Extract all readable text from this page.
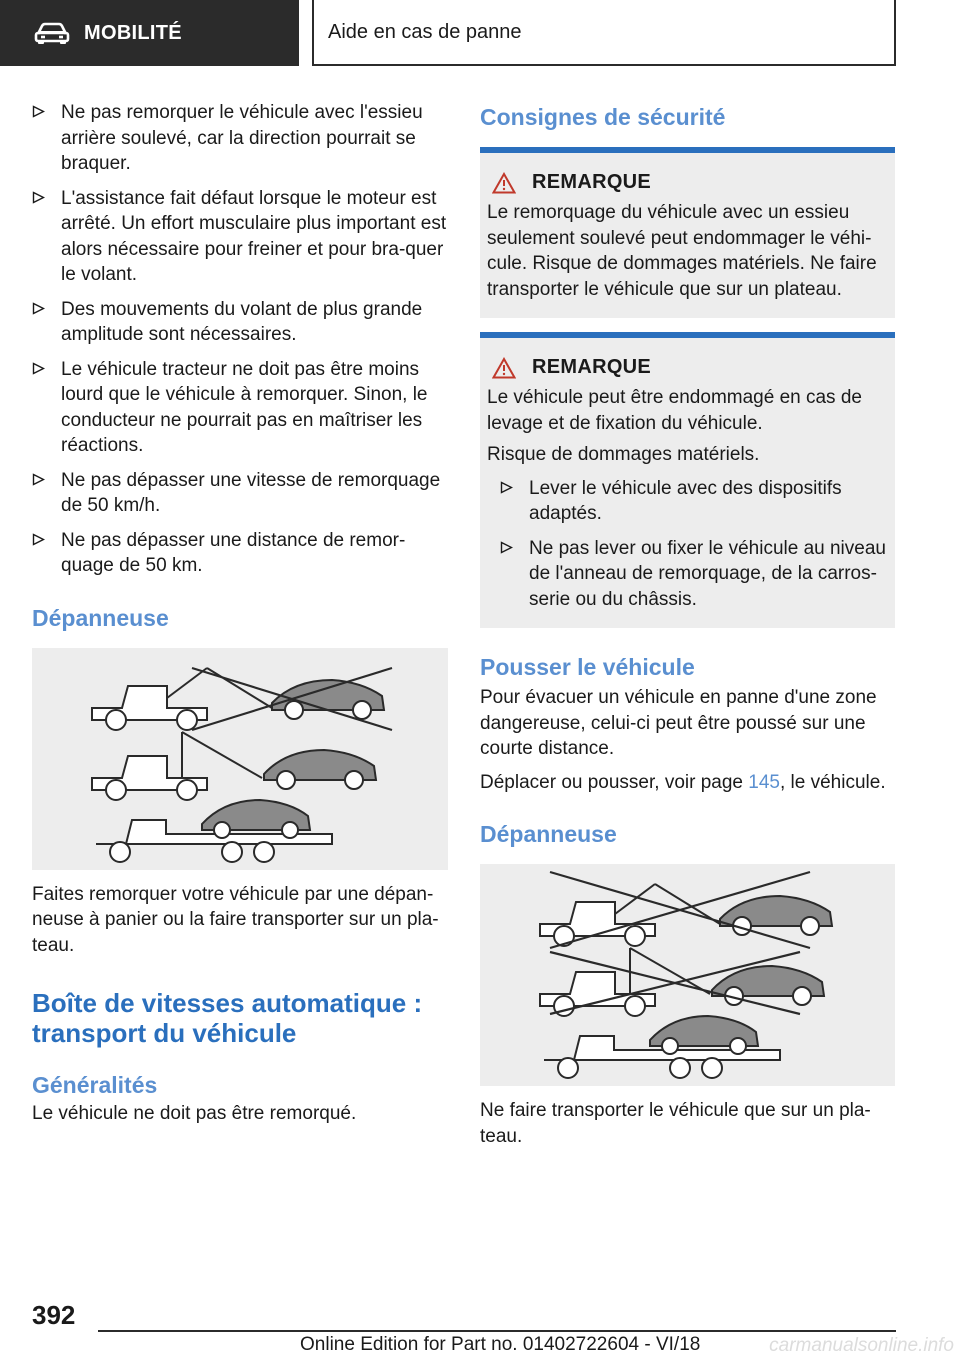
MOBILITÉ	Aide en cas de panne
Ne pas remorquer le véhicule avec l'essieu arrière soulevé, car la direction pourrait se braquer.
L'assistance fait défaut lorsque le moteur est arrêté. Un effort musculaire plus important est alors nécessaire pour freiner et pour bra-quer le volant.
Des mouvements du volant de plus grande amplitude sont nécessaires.
Le véhicule tracteur ne doit pas être moins lourd que le véhicule à remorquer. Sinon, le conducteur ne pourrait pas en maîtriser les réactions.
Ne pas dépasser une vitesse de remorquage de 50 km/h.
Ne pas dépasser une distance de remor-quage de 50 km.
Dépanneuse

Faites remorquer votre véhicule par une dépan-neuse à panier ou la faire transporter sur un pla-teau.

Boîte de vitesses automatique : transport du véhicule
Généralités

Le véhicule ne doit pas être remorqué.

Consignes de sécurité
REMARQUE

Le remorquage du véhicule avec un essieu seulement soulevé peut endommager le véhi-cule. Risque de dommages matériels. Ne faire transporter le véhicule que sur un plateau.

REMARQUE

Le véhicule peut être endommagé en cas de levage et de fixation du véhicule.

Risque de dommages matériels.

Lever le véhicule avec des dispositifs adaptés.
Ne pas lever ou fixer le véhicule au niveau de l'anneau de remorquage, de la carros-serie ou du châssis.
Pousser le véhicule

Pour évacuer un véhicule en panne d'une zone dangereuse, celui-ci peut être poussé sur une courte distance.

Déplacer ou pousser, voir page 145, le véhicule.

Dépanneuse

Ne faire transporter le véhicule que sur un pla-teau.

392
Online Edition for Part no. 01402722604 - VI/18	carmanualsonline.info
